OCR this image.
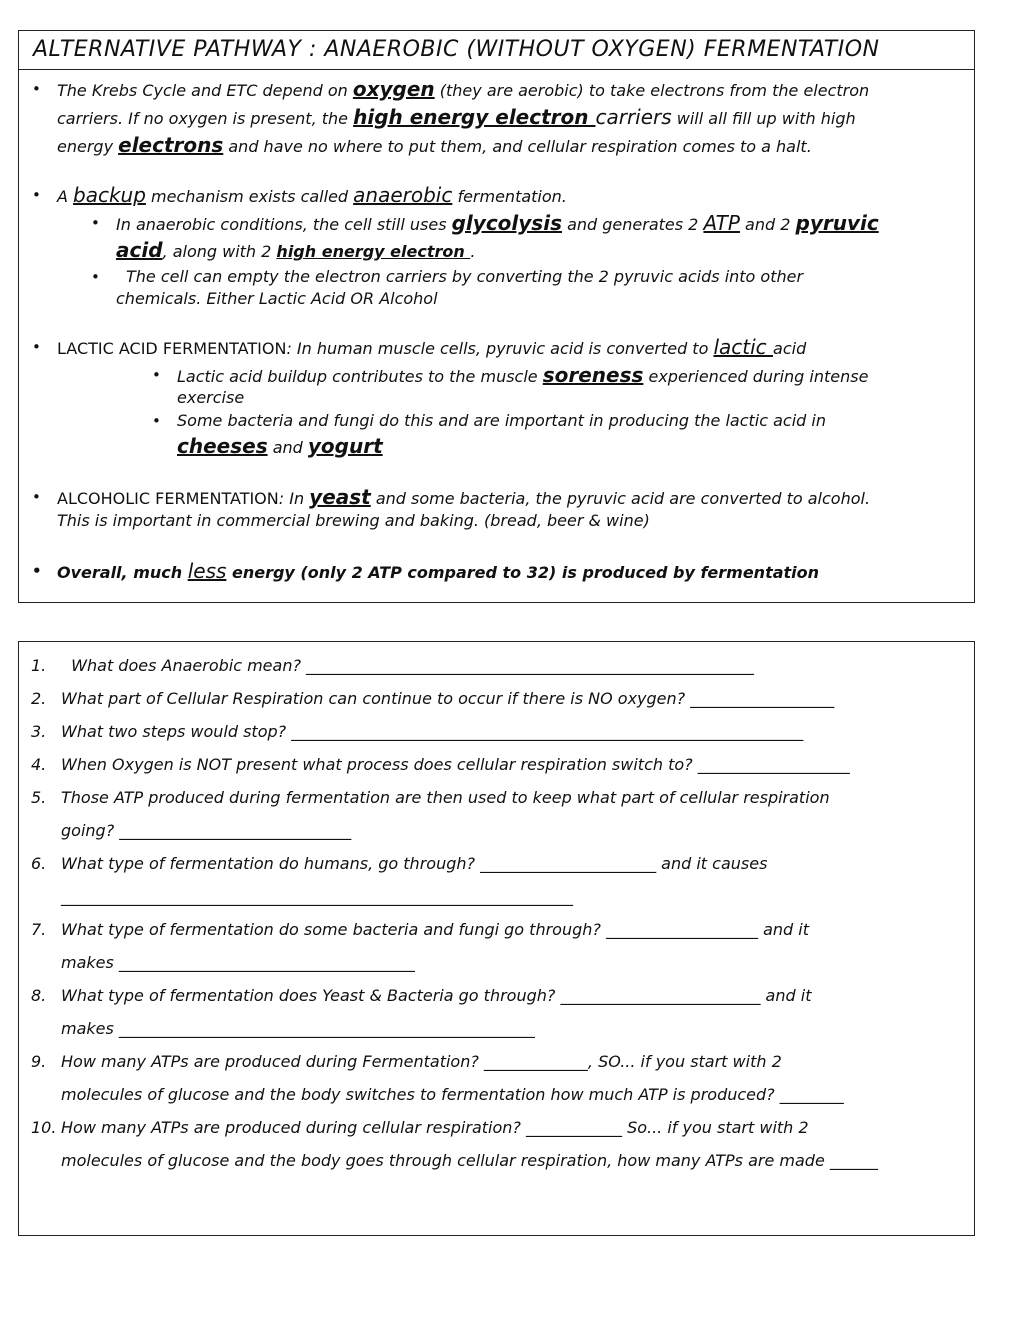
ALTERNATIVE PATHWAY : ANAEROBIC (WITHOUT OXYGEN) FERMENTATION
• The Krebs Cycle and ETC depend on oxygen (they are aerobic) to take electrons from the electron
carriers. If no oxygen is present, the high energy electron carriers will all fill up with high
energy electrons and have no where to put them, and cellular respiration comes to a halt.
• A backup mechanism exists called anaerobic fermentation.
• In anaerobic conditions, the cell still uses glycolysis and generates 2 ATP and 2 pyruvic
acid, along with 2 high energy electron .
• The cell can empty the electron carriers by converting the 2 pyruvic acids into other
chemicals. Either Lactic Acid OR Alcohol
• LACTIC ACID FERMENTATION: In human muscle cells, pyruvic acid is converted to lactic acid
• Lactic acid buildup contributes to the muscle soreness experienced during intense
exercise
• Some bacteria and fungi do this and are important in producing the lactic acid in
cheeses and yogurt
• ALCOHOLIC FERMENTATION: In yeast and some bacteria, the pyruvic acid are converted to alcohol.
This is important in commercial brewing and baking. (bread, beer & wine)
• Overall, much less energy (only 2 ATP compared to 32) is produced by fermentation
1. What does Anaerobic mean? ________________________________________________________
2. What part of Cellular Respiration can continue to occur if there is NO oxygen? __________________
3. What two steps would stop? ________________________________________________________________
4. When Oxygen is NOT present what process does cellular respiration switch to? ___________________
5. Those ATP produced during fermentation are then used to keep what part of cellular respiration
going? _____________________________
6. What type of fermentation do humans, go through? ______________________ and it causes
________________________________________________________________
7. What type of fermentation do some bacteria and fungi go through? ___________________ and it
makes _____________________________________
8. What type of fermentation does Yeast & Bacteria go through? _________________________ and it
makes ____________________________________________________
9. How many ATPs are produced during Fermentation? _____________, SO... if you start with 2
molecules of glucose and the body switches to fermentation how much ATP is produced? ________
10. How many ATPs are produced during cellular respiration? ____________ So... if you start with 2
molecules of glucose and the body goes through cellular respiration, how many ATPs are made ______
